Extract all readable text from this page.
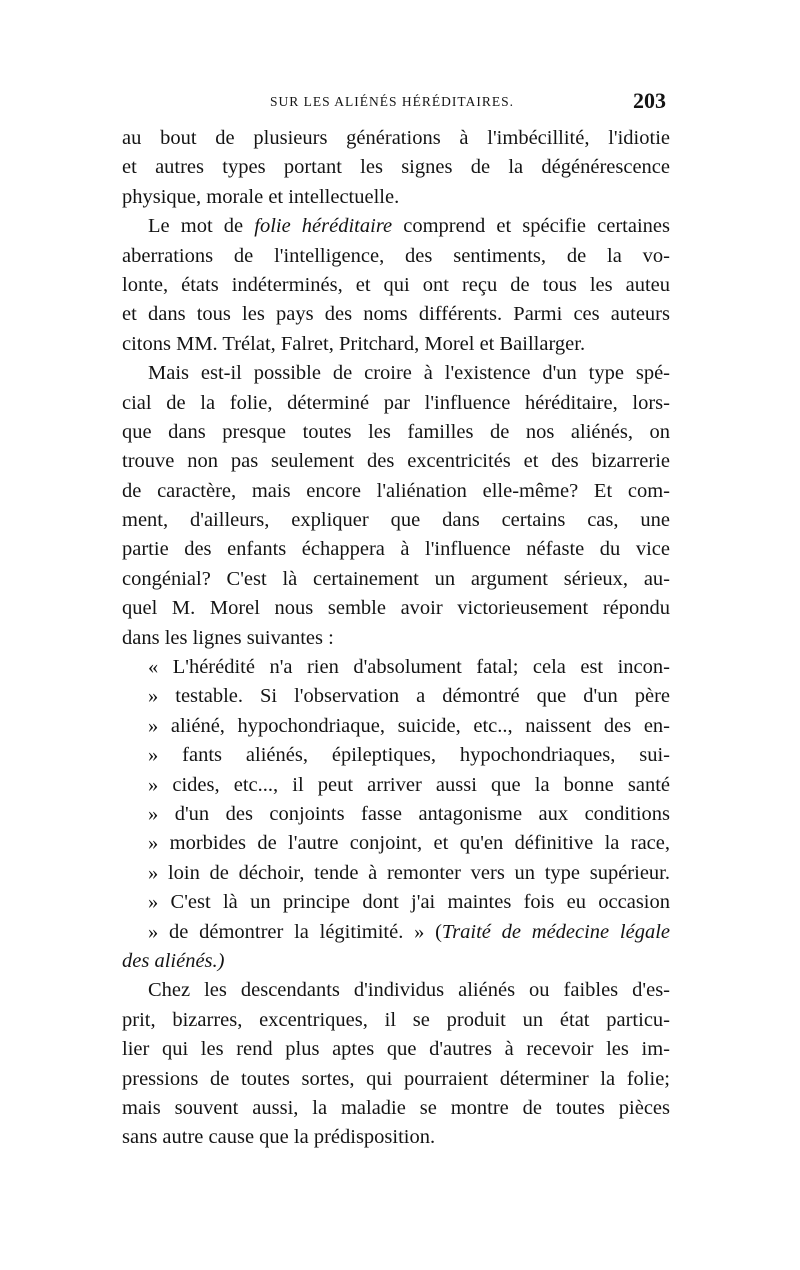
SUR LES ALIÉNÉS HÉRÉDITAIRES.	203
au bout de plusieurs générations à l'imbécillité, l'idiotie
et autres types portant les signes de la dégénérescence
physique, morale et intellectuelle.
Le mot de folie héréditaire comprend et spécifie certaines
aberrations de l'intelligence, des sentiments, de la vo-
lonte, états indéterminés, et qui ont reçu de tous les auteu
et dans tous les pays des noms différents. Parmi ces auteurs
citons MM. Trélat, Falret, Pritchard, Morel et Baillarger.
Mais est-il possible de croire à l'existence d'un type spé-
cial de la folie, déterminé par l'influence héréditaire, lors-
que dans presque toutes les familles de nos aliénés, on
trouve non pas seulement des excentricités et des bizarrerie
de caractère, mais encore l'aliénation elle-même? Et com-
ment, d'ailleurs, expliquer que dans certains cas, une
partie des enfants échappera à l'influence néfaste du vice
congénial? C'est là certainement un argument sérieux, au-
quel M. Morel nous semble avoir victorieusement répondu
dans les lignes suivantes :
« L'hérédité n'a rien d'absolument fatal; cela est incon-
» testable. Si l'observation a démontré que d'un père
» aliéné, hypochondriaque, suicide, etc.., naissent des en-
» fants aliénés, épileptiques, hypochondriaques, sui-
» cides, etc..., il peut arriver aussi que la bonne santé
» d'un des conjoints fasse antagonisme aux conditions
» morbides de l'autre conjoint, et qu'en définitive la race,
» loin de déchoir, tende à remonter vers un type supérieur.
» C'est là un principe dont j'ai maintes fois eu occasion
» de démontrer la légitimité. » (Traité de médecine légale
des aliénés.)
Chez les descendants d'individus aliénés ou faibles d'es-
prit, bizarres, excentriques, il se produit un état particu-
lier qui les rend plus aptes que d'autres à recevoir les im-
pressions de toutes sortes, qui pourraient déterminer la folie;
mais souvent aussi, la maladie se montre de toutes pièces
sans autre cause que la prédisposition.
